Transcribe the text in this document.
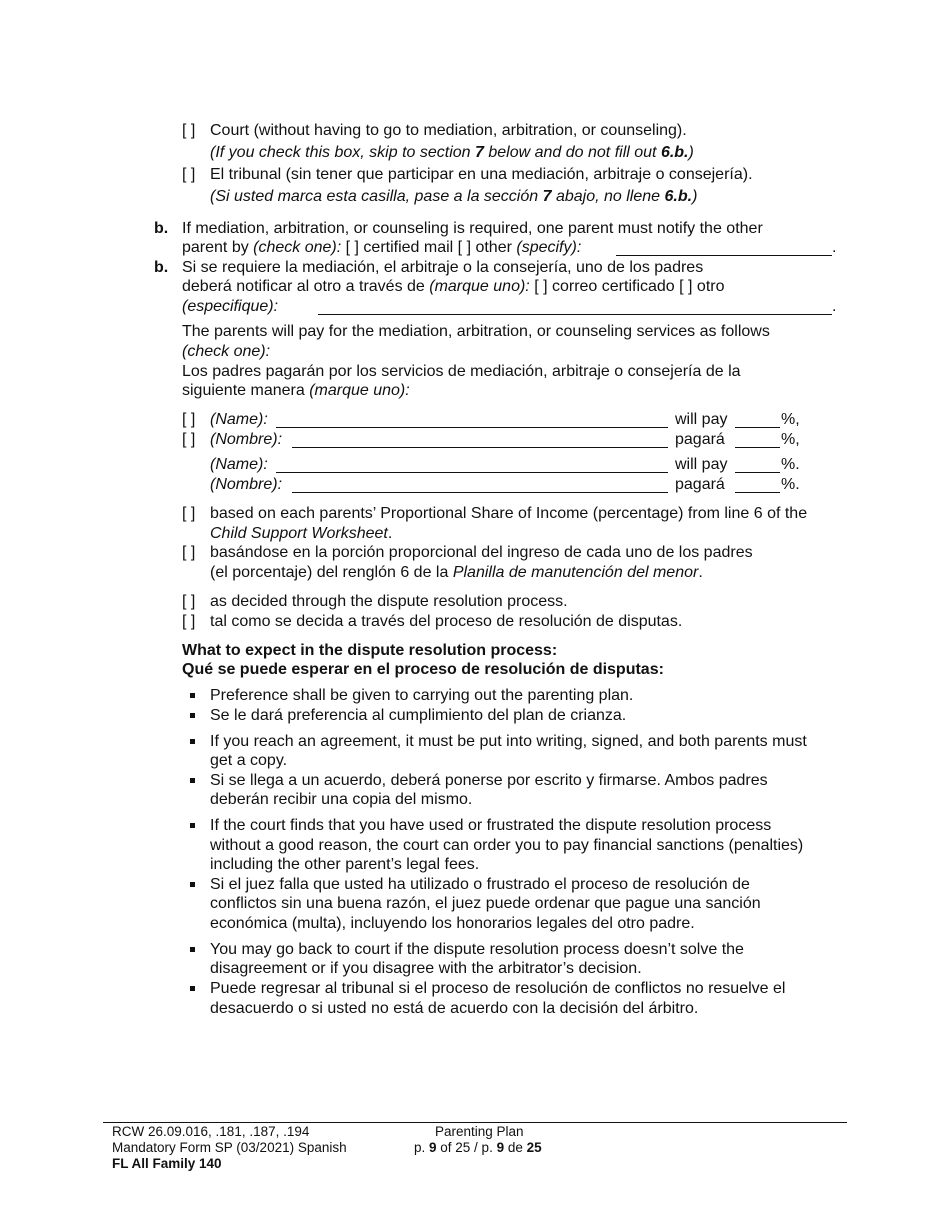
[ ] Court (without having to go to mediation, arbitration, or counseling).
(If you check this box, skip to section 7 below and do not fill out 6.b.)
[ ] El tribunal (sin tener que participar en una mediación, arbitraje o consejería).
(Si usted marca esta casilla, pase a la sección 7 abajo, no llene 6.b.)
b. If mediation, arbitration, or counseling is required, one parent must notify the other
parent by (check one): [ ] certified mail [ ] other (specify):	.
b. Si se requiere la mediación, el arbitraje o la consejería, uno de los padres
deberá notificar al otro a través de (marque uno): [ ] correo certificado [ ] otro
(especifique):	.
The parents will pay for the mediation, arbitration, or counseling services as follows
(check one):
Los padres pagarán por los servicios de mediación, arbitraje o consejería de la
siguiente manera (marque uno):
[ ] (Name):	will pay	%,
[ ] (Nombre):	pagará	%,
(Name):	will pay	%.
(Nombre):	pagará	%.
[ ] based on each parents’ Proportional Share of Income (percentage) from line 6 of the
Child Support Worksheet.
[ ] basándose en la porción proporcional del ingreso de cada uno de los padres
(el porcentaje) del renglón 6 de la Planilla de manutención del menor.
[ ] as decided through the dispute resolution process.
[ ] tal como se decida a través del proceso de resolución de disputas.
What to expect in the dispute resolution process:
Qué se puede esperar en el proceso de resolución de disputas:
Preference shall be given to carrying out the parenting plan.
Se le dará preferencia al cumplimiento del plan de crianza.
If you reach an agreement, it must be put into writing, signed, and both parents must
get a copy.
Si se llega a un acuerdo, deberá ponerse por escrito y firmarse. Ambos padres
deberán recibir una copia del mismo.
If the court finds that you have used or frustrated the dispute resolution process
without a good reason, the court can order you to pay financial sanctions (penalties)
including the other parent’s legal fees.
Si el juez falla que usted ha utilizado o frustrado el proceso de resolución de
conflictos sin una buena razón, el juez puede ordenar que pague una sanción
económica (multa), incluyendo los honorarios legales del otro padre.
You may go back to court if the dispute resolution process doesn’t solve the
disagreement or if you disagree with the arbitrator’s decision.
Puede regresar al tribunal si el proceso de resolución de conflictos no resuelve el
desacuerdo o si usted no está de acuerdo con la decisión del árbitro.
RCW 26.09.016, .181, .187, .194
Mandatory Form SP (03/2021) Spanish
FL All Family 140
Parenting Plan
p. 9 of 25 / p. 9 de 25
